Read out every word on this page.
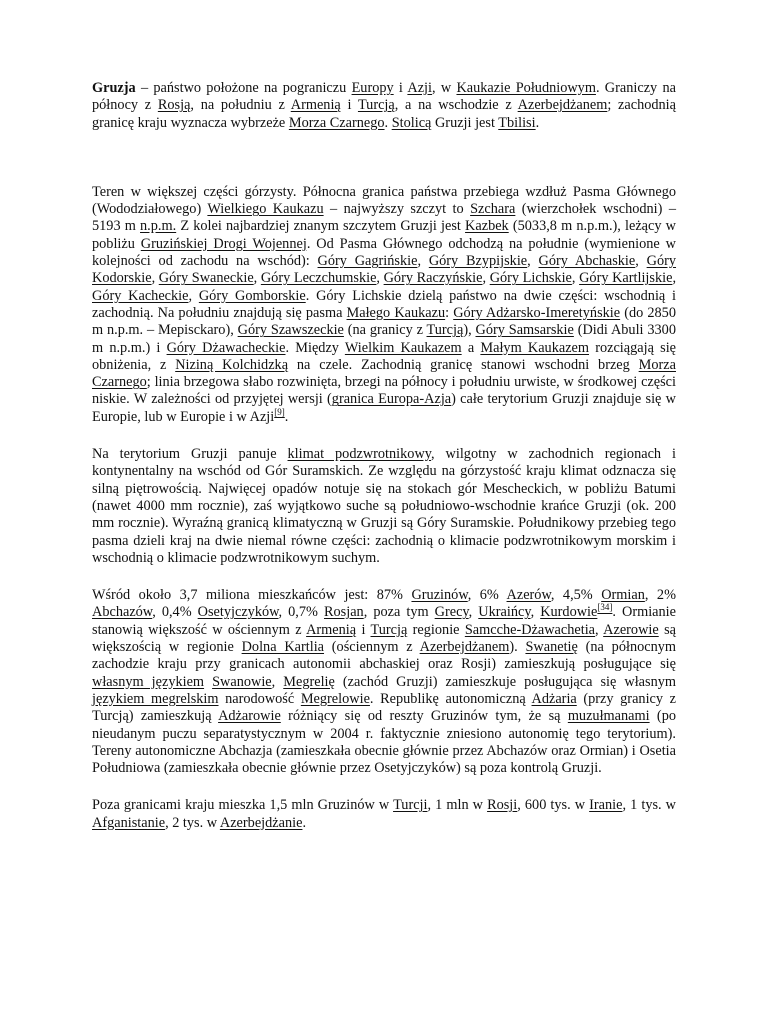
Gruzja – państwo położone na pograniczu Europy i Azji, w Kaukazie Południowym. Graniczy na północy z Rosją, na południu z Armenią i Turcją, a na wschodzie z Azerbejdżanem; zachodnią granicę kraju wyznacza wybrzeże Morza Czarnego. Stolicą Gruzji jest Tbilisi.

Teren w większej części górzysty. Północna granica państwa przebiega wzdłuż Pasma Głównego (Wododziałowego) Wielkiego Kaukazu – najwyższy szczyt to Szchara (wierzchołek wschodni) – 5193 m n.p.m. Z kolei najbardziej znanym szczytem Gruzji jest Kazbek (5033,8 m n.p.m.), leżący w pobliżu Gruzińskiej Drogi Wojennej. Od Pasma Głównego odchodzą na południe (wymienione w kolejności od zachodu na wschód): Góry Gagrińskie, Góry Bzypijskie, Góry Abchaskie, Góry Kodorskie, Góry Swaneckie, Góry Leczchumskie, Góry Raczyńskie, Góry Lichskie, Góry Kartlijskie, Góry Kacheckie, Góry Gomborskie. Góry Lichskie dzielą państwo na dwie części: wschodnią i zachodnią. Na południu znajdują się pasma Małego Kaukazu: Góry Adżarsko-Imeretyńskie (do 2850 m n.p.m. – Mepisckaro), Góry Szawszeckie (na granicy z Turcją), Góry Samsarskie (Didi Abuli 3300 m n.p.m.) i Góry Dżawacheckie. Między Wielkim Kaukazem a Małym Kaukazem rozciągają się obniżenia, z Niziną Kolchidzką na czele. Zachodnią granicę stanowi wschodni brzeg Morza Czarnego; linia brzegowa słabo rozwinięta, brzegi na północy i południu urwiste, w środkowej części niskie. W zależności od przyjętej wersji (granica Europa-Azja) całe terytorium Gruzji znajduje się w Europie, lub w Europie i w Azji[9].

Na terytorium Gruzji panuje klimat podzwrotnikowy, wilgotny w zachodnich regionach i kontynentalny na wschód od Gór Suramskich. Ze względu na górzystość kraju klimat odznacza się silną piętrowością. Najwięcej opadów notuje się na stokach gór Mescheckich, w pobliżu Batumi (nawet 4000 mm rocznie), zaś wyjątkowo suche są południowo-wschodnie krańce Gruzji (ok. 200 mm rocznie). Wyraźną granicą klimatyczną w Gruzji są Góry Suramskie. Południkowy przebieg tego pasma dzieli kraj na dwie niemal równe części: zachodnią o klimacie podzwrotnikowym morskim i wschodnią o klimacie podzwrotnikowym suchym.

Wśród około 3,7 miliona mieszkańców jest: 87% Gruzinów, 6% Azerów, 4,5% Ormian, 2% Abchazów, 0,4% Osetyjczyków, 0,7% Rosjan, poza tym Grecy, Ukraińcy, Kurdowie[34]. Ormianie stanowią większość w ościennym z Armenią i Turcją regionie Samcche-Dżawachetia, Azerowie są większością w regionie Dolna Kartlia (ościennym z Azerbejdżanem). Swanetię (na północnym zachodzie kraju przy granicach autonomii abchaskiej oraz Rosji) zamieszkują posługujące się własnym językiem Swanowie, Megrelię (zachód Gruzji) zamieszkuje posługująca się własnym językiem megrelskim narodowość Megrelowie. Republikę autonomiczną Adżaria (przy granicy z Turcją) zamieszkują Adżarowie różniący się od reszty Gruzinów tym, że są muzułmanami (po nieudanym puczu separatystycznym w 2004 r. faktycznie zniesiono autonomię tego terytorium). Tereny autonomiczne Abchazja (zamieszkała obecnie głównie przez Abchazów oraz Ormian) i Osetia Południowa (zamieszkała obecnie głównie przez Osetyjczyków) są poza kontrolą Gruzji.

Poza granicami kraju mieszka 1,5 mln Gruzinów w Turcji, 1 mln w Rosji, 600 tys. w Iranie, 1 tys. w Afganistanie, 2 tys. w Azerbejdżanie.
